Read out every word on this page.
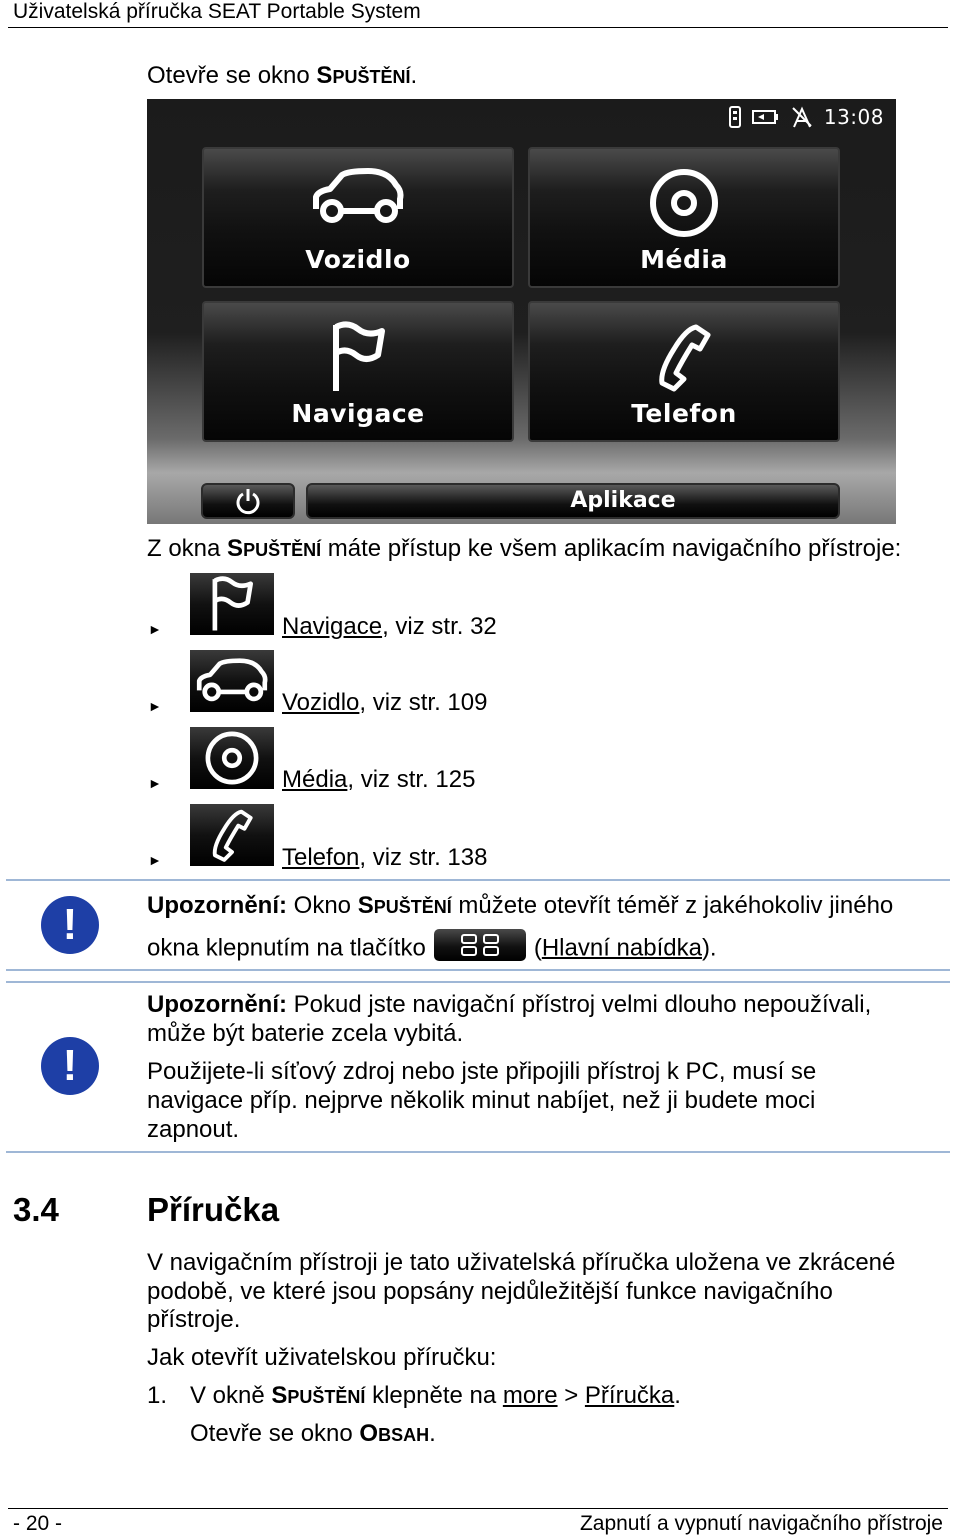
Uživatelská příručka SEAT Portable System
Otevře se okno SPUŠTĚNÍ.
13:08
Vozidlo	Média
Navigace	Telefon
Aplikace
Z okna SPUŠTĚNÍ máte přístup ke všem aplikacím navigačního přístroje:
►	Navigace, viz str. 32
►	Vozidlo, viz str. 109
►	Média, viz str. 125
►	Telefon, viz str. 138
!	Upozornění: Okno SPUŠTĚNÍ můžete otevřít téměř z jakéhokoliv jiného
okna klepnutím na tlačítko	(Hlavní nabídka).
!
Upozornění: Pokud jste navigační přístroj velmi dlouho nepoužívali,
může být baterie zcela vybitá.
Použijete-li síťový zdroj nebo jste připojili přístroj k PC, musí se
navigace příp. nejprve několik minut nabíjet, než ji budete moci
zapnout.
3.4	Příručka
V navigačním přístroji je tato uživatelská příručka uložena ve zkrácené
podobě, ve které jsou popsány nejdůležitější funkce navigačního
přístroje.
Jak otevřít uživatelskou příručku:
1. V okně SPUŠTĚNÍ klepněte na more > Příručka.
Otevře se okno OBSAH.
- 20 -	Zapnutí a vypnutí navigačního přístroje
